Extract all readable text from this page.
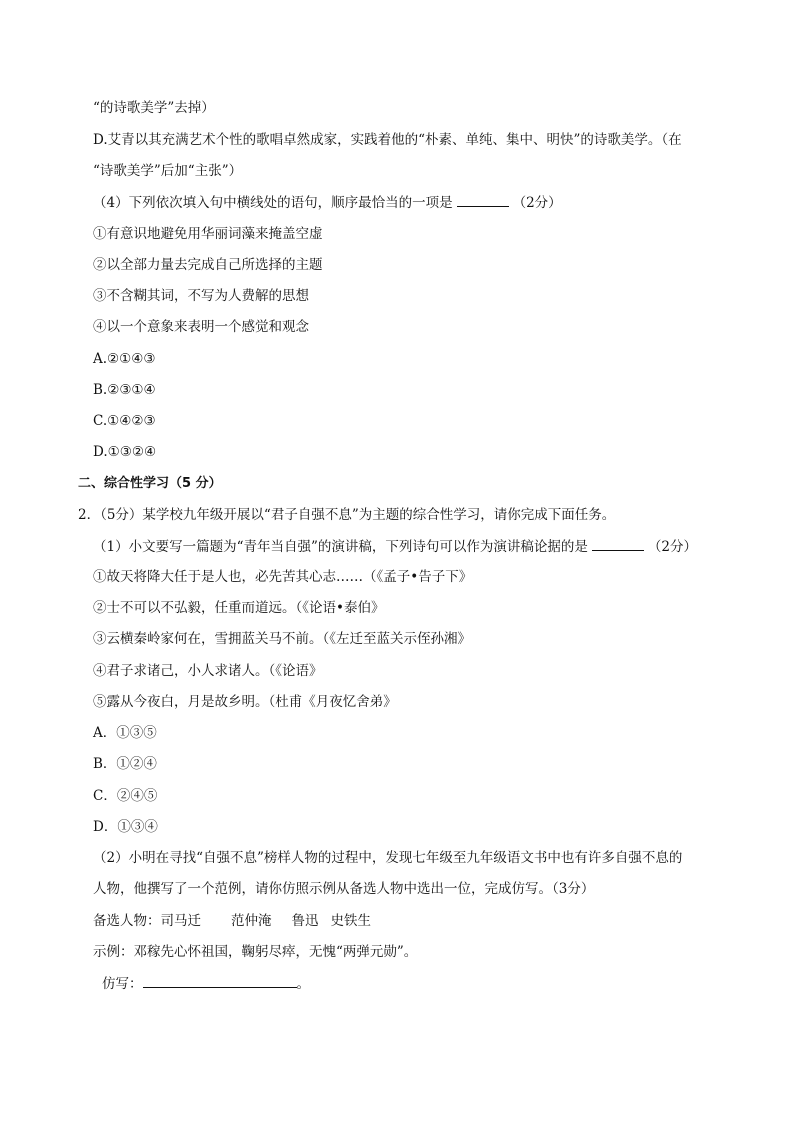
“的诗歌美学”去掉）
D.艾青以其充满艺术个性的歌唱卓然成家，实践着他的“朴素、单纯、集中、明快”的诗歌美学。（在
“诗歌美学”后加“主张”）
（4）下列依次填入句中横线处的语句，顺序最恰当的一项是	（2分）
①有意识地避免用华丽词藻来掩盖空虚
②以全部力量去完成自己所选择的主题
③不含糊其词，不写为人费解的思想
④以一个意象来表明一个感觉和观念
A.②①④③
B.②③①④
C.①④②③
D.①③②④
二、综合性学习（5 分）
2．（5分）某学校九年级开展以“君子自强不息”为主题的综合性学习，请你完成下面任务。
（1）小文要写一篇题为“青年当自强”的演讲稿，下列诗句可以作为演讲稿论据的是	（2分）
①故天将降大任于是人也，必先苦其心志……（《孟子•告子下》
②士不可以不弘毅，任重而道远。（《论语•泰伯》
③云横秦岭家何在，雪拥蓝关马不前。（《左迁至蓝关示侄孙湘》
④君子求诸己，小人求诸人。（《论语》
⑤露从今夜白，月是故乡明。（杜甫《月夜忆舍弟》
A．①③⑤
B．①②④
C．②④⑤
D．①③④
（2）小明在寻找“自强不息”榜样人物的过程中，发现七年级至九年级语文书中也有许多自强不息的
人物，他撰写了一个范例，请你仿照示例从备选人物中选出一位，完成仿写。（3分）
备选人物：司马迁 范仲淹 鲁迅 史铁生
示例：邓稼先心怀祖国，鞠躬尽瘁，无愧“两弹元勋”。
仿写：	。
